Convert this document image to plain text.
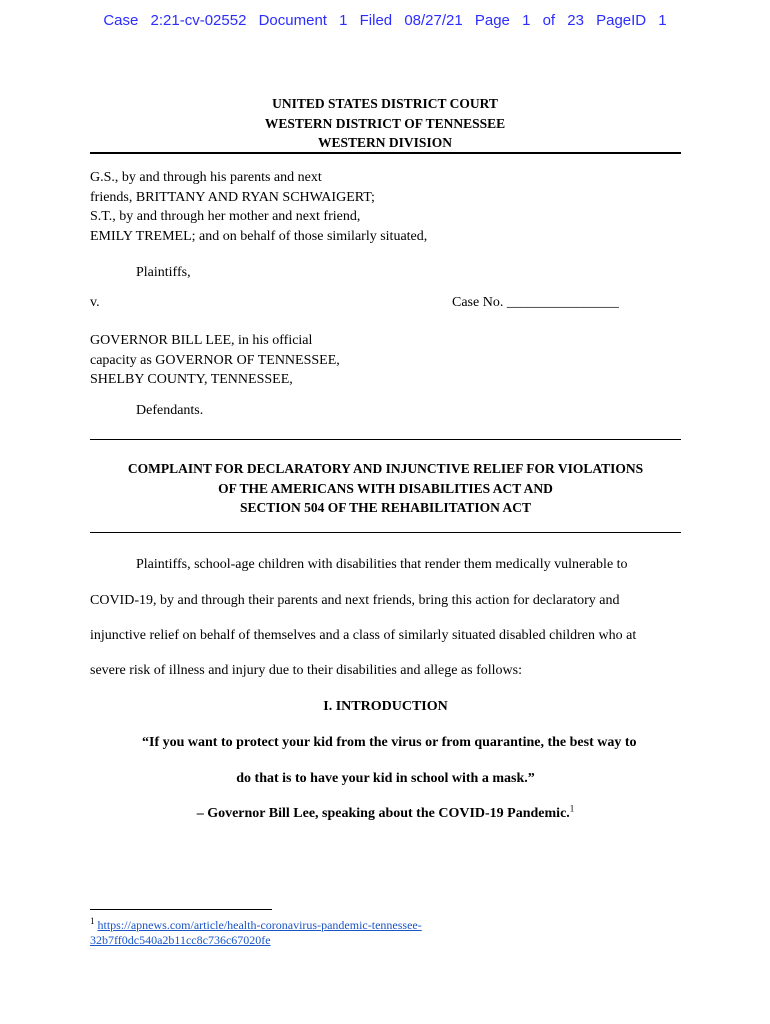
Case 2:21-cv-02552 Document 1 Filed 08/27/21 Page 1 of 23 PageID 1
UNITED STATES DISTRICT COURT
WESTERN DISTRICT OF TENNESSEE
WESTERN DIVISION
G.S., by and through his parents and next
friends, BRITTANY AND RYAN SCHWAIGERT;
S.T., by and through her mother and next friend,
EMILY TREMEL; and on behalf of those similarly situated,
Plaintiffs,
v.	Case No. ________________
GOVERNOR BILL LEE, in his official
capacity as GOVERNOR OF TENNESSEE,
SHELBY COUNTY, TENNESSEE,
Defendants.
COMPLAINT FOR DECLARATORY AND INJUNCTIVE RELIEF FOR VIOLATIONS
OF THE AMERICANS WITH DISABILITIES ACT AND
SECTION 504 OF THE REHABILITATION ACT
Plaintiffs, school-age children with disabilities that render them medically vulnerable to
COVID-19, by and through their parents and next friends, bring this action for declaratory and
injunctive relief on behalf of themselves and a class of similarly situated disabled children who at
severe risk of illness and injury due to their disabilities and allege as follows:
I. INTRODUCTION
“If you want to protect your kid from the virus or from quarantine, the best way to
do that is to have your kid in school with a mask.”
– Governor Bill Lee, speaking about the COVID-19 Pandemic.$^1$
$^1$ https://apnews.com/article/health-coronavirus-pandemic-tennessee-
32b7ff0dc540a2b11cc8c736c67020fe
